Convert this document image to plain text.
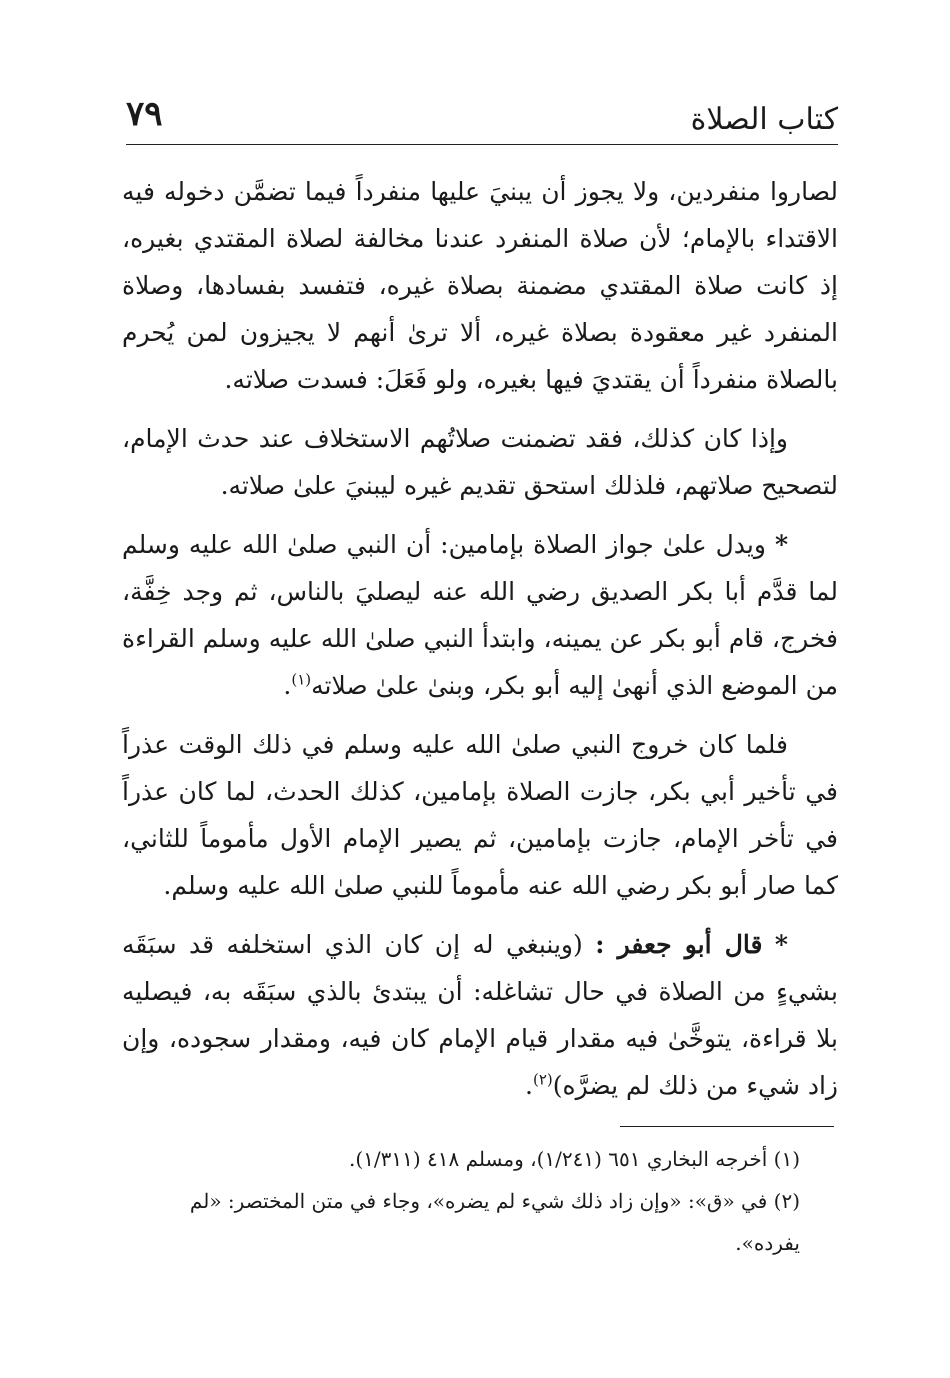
كتاب الصلاة
٧٩

لصاروا منفردين، ولا يجوز أن يبنيَ عليها منفرداً فيما تضمَّن دخوله فيه الاقتداء بالإمام؛ لأن صلاة المنفرد عندنا مخالفة لصلاة المقتدي بغيره، إذ كانت صلاة المقتدي مضمنة بصلاة غيره، فتفسد بفسادها، وصلاة المنفرد غير معقودة بصلاة غيره، ألا ترىٰ أنهم لا يجيزون لمن يُحرم بالصلاة منفرداً أن يقتديَ فيها بغيره، ولو فَعَلَ: فسدت صلاته.

وإذا كان كذلك، فقد تضمنت صلاتُهم الاستخلاف عند حدث الإمام، لتصحيح صلاتهم، فلذلك استحق تقديم غيره ليبنيَ علىٰ صلاته.

* ويدل علىٰ جواز الصلاة بإمامين: أن النبي صلىٰ الله عليه وسلم لما قدَّم أبا بكر الصديق رضي الله عنه ليصليَ بالناس، ثم وجد خِفَّة، فخرج، قام أبو بكر عن يمينه، وابتدأ النبي صلىٰ الله عليه وسلم القراءة من الموضع الذي أنهىٰ إليه أبو بكر، وبنىٰ علىٰ صلاته$^{(١)}$.

فلما كان خروج النبي صلىٰ الله عليه وسلم في ذلك الوقت عذراً في تأخير أبي بكر، جازت الصلاة بإمامين، كذلك الحدث، لما كان عذراً في تأخر الإمام، جازت بإمامين، ثم يصير الإمام الأول مأموماً للثاني، كما صار أبو بكر رضي الله عنه مأموماً للنبي صلىٰ الله عليه وسلم.

* قال أبو جعفر : (وينبغي له إن كان الذي استخلفه قد سبَقَه بشيءٍ من الصلاة في حال تشاغله: أن يبتدئ بالذي سبَقَه به، فيصليه بلا قراءة، يتوخَّىٰ فيه مقدار قيام الإمام كان فيه، ومقدار سجوده، وإن زاد شيء من ذلك لم يضرَّه)$^{(٢)}$.

(١) أخرجه البخاري ٦٥١ (١/٢٤١)، ومسلم ٤١٨ (١/٣١١).

(٢) في «ق»: «وإن زاد ذلك شيء لم يضره»، وجاء في متن المختصر: «لم يفرده».
